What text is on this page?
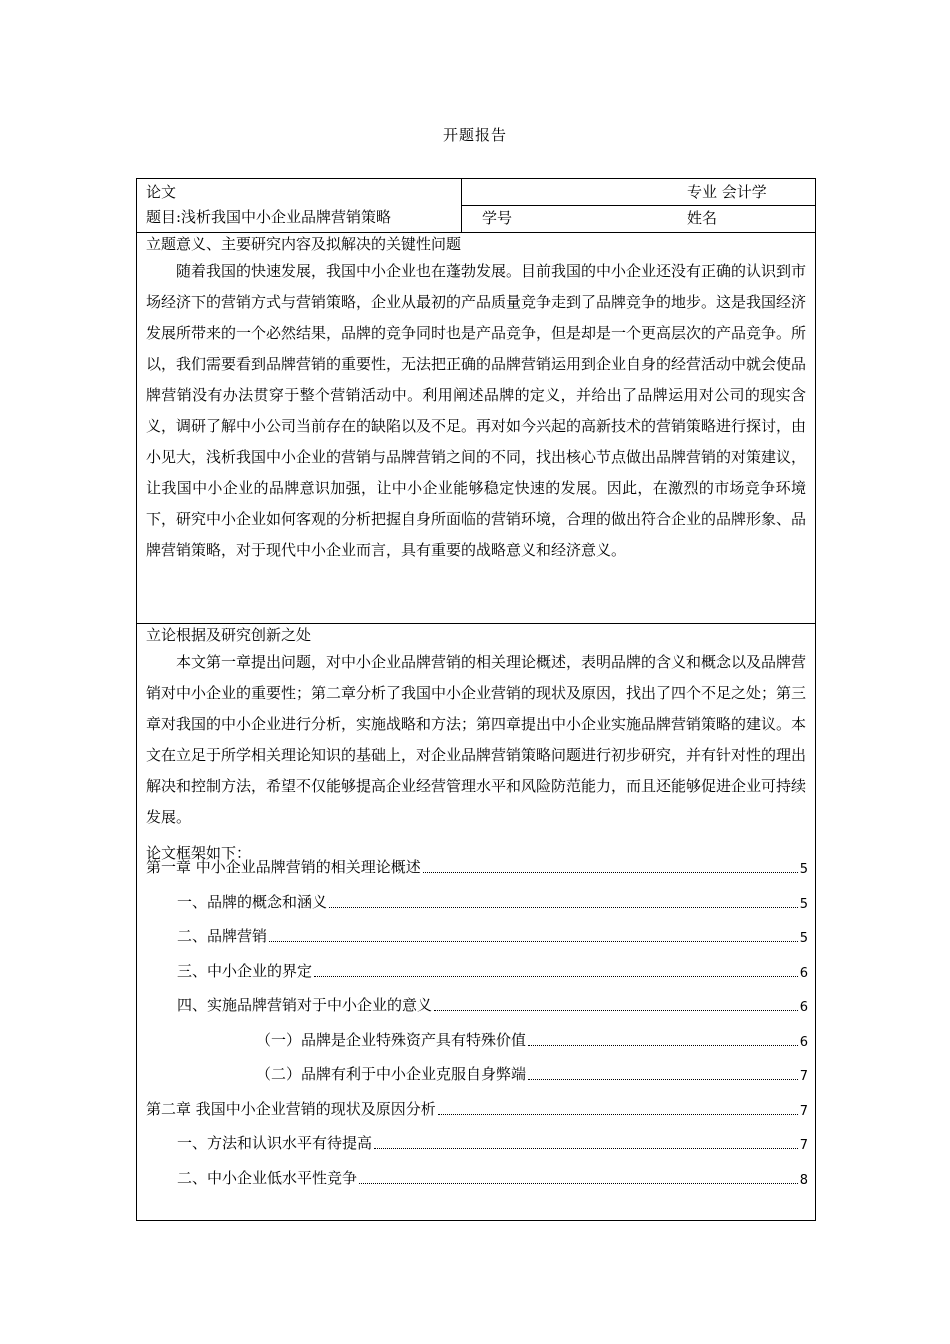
开题报告
论文
题目:浅析我国中小企业品牌营销策略
专业 会计学
学号	姓名
立题意义、主要研究内容及拟解决的关键性问题

随着我国的快速发展，我国中小企业也在蓬勃发展。目前我国的中小企业还没有正确的认识到市场经济下的营销方式与营销策略，企业从最初的产品质量竞争走到了品牌竞争的地步。这是我国经济发展所带来的一个必然结果，品牌的竞争同时也是产品竞争，但是却是一个更高层次的产品竞争。所以，我们需要看到品牌营销的重要性，无法把正确的品牌营销运用到企业自身的经营活动中就会使品牌营销没有办法贯穿于整个营销活动中。利用阐述品牌的定义，并给出了品牌运用对公司的现实含义，调研了解中小公司当前存在的缺陷以及不足。再对如今兴起的高新技术的营销策略进行探讨，由小见大，浅析我国中小企业的营销与品牌营销之间的不同，找出核心节点做出品牌营销的对策建议，让我国中小企业的品牌意识加强，让中小企业能够稳定快速的发展。因此，在激烈的市场竞争环境下，研究中小企业如何客观的分析把握自身所面临的营销环境，合理的做出符合企业的品牌形象、品牌营销策略，对于现代中小企业而言，具有重要的战略意义和经济意义。

立论根据及研究创新之处

本文第一章提出问题，对中小企业品牌营销的相关理论概述，表明品牌的含义和概念以及品牌营销对中小企业的重要性；第二章分析了我国中小企业营销的现状及原因，找出了四个不足之处；第三章对我国的中小企业进行分析，实施战略和方法；第四章提出中小企业实施品牌营销策略的建议。本文在立足于所学相关理论知识的基础上，对企业品牌营销策略问题进行初步研究，并有针对性的理出解决和控制方法，希望不仅能够提高企业经营管理水平和风险防范能力，而且还能够促进企业可持续发展。

论文框架如下：
第一章 中小企业品牌营销的相关理论概述	5
一、品牌的概念和涵义	5
二、品牌营销	5
三、中小企业的界定	6
四、实施品牌营销对于中小企业的意义	6
（一）品牌是企业特殊资产具有特殊价值	6
（二）品牌有利于中小企业克服自身弊端	7
第二章 我国中小企业营销的现状及原因分析	7
一、方法和认识水平有待提高	7
二、中小企业低水平性竞争	8
